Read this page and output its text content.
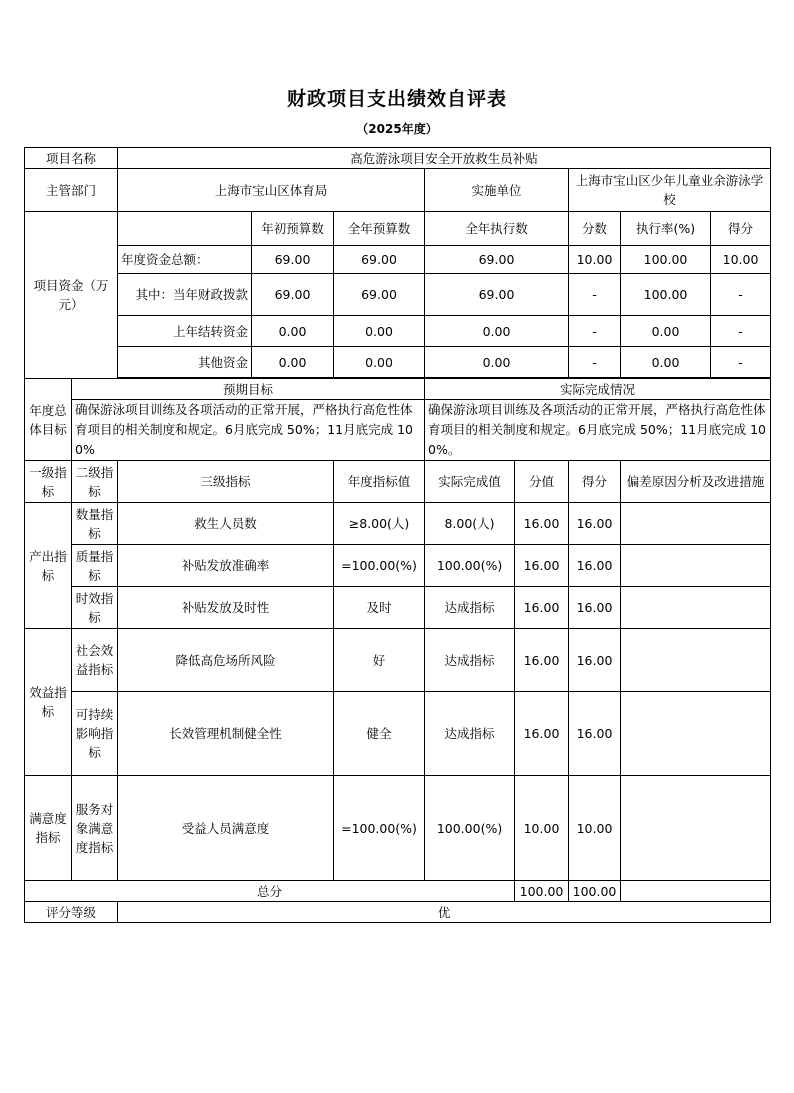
财政项目支出绩效自评表
（2025年度）
项目名称		高危游泳项目安全开放救生员补贴							
主管部门		上海市宝山区体育局			实施单位		上海市宝山区少年儿童业余游泳学校		
项目资金（万元）			年初预算数	全年预算数	全年执行数		分数	执行率(%)	得分
		年度资金总额：	69.00	69.00	69.00		10.00	100.00	10.00
		其中：当年财政拨款	69.00	69.00	69.00		-	100.00	-
		上年结转资金	0.00	0.00	0.00		-	0.00	-
		其他资金	0.00	0.00	0.00		-	0.00	-

年度总体目标	预期目标				实际完成情况				
	确保游泳项目训练及各项活动的正常开展，严格执行高危性体育项目的相关制度和规定。6月底完成 50%；11月底完成 100%				确保游泳项目训练及各项活动的正常开展，严格执行高危性体育项目的相关制度和规定。6月底完成 50%；11月底完成 100%。				
一级指标	二级指标	三级指标		年度指标值	实际完成值	分值	得分	偏差原因分析及改进措施	
产出指标	数量指标	救生人员数		≥8.00(人)	8.00(人)	16.00	16.00		
	质量指标	补贴发放准确率		=100.00(%)	100.00(%)	16.00	16.00		
	时效指标	补贴发放及时性		及时	达成指标	16.00	16.00		
效益指标	社会效益指标	降低高危场所风险		好	达成指标	16.00	16.00		
	可持续影响指标	长效管理机制健全性		健全	达成指标	16.00	16.00		
满意度指标	服务对象满意度指标	受益人员满意度		=100.00(%)	100.00(%)	10.00	10.00		
总分						100.00	100.00		
评分等级		优							
